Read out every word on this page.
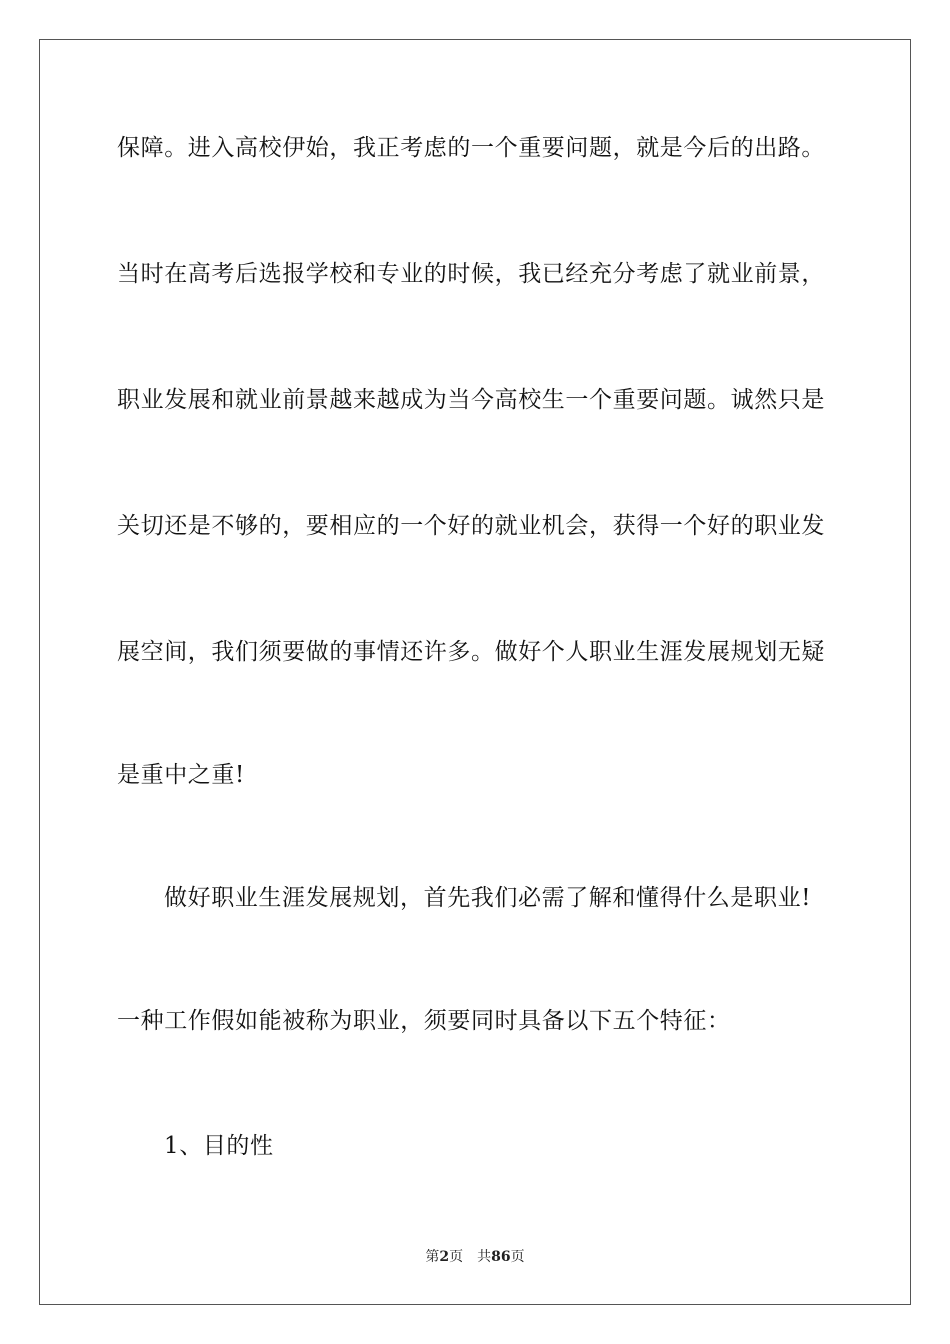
保障。进入高校伊始，我正考虑的一个重要问题，就是今后的出路。
当时在高考后选报学校和专业的时候，我已经充分考虑了就业前景，
职业发展和就业前景越来越成为当今高校生一个重要问题。诚然只是
关切还是不够的，要相应的一个好的就业机会，获得一个好的职业发
展空间，我们须要做的事情还许多。做好个人职业生涯发展规划无疑
是重中之重!
做好职业生涯发展规划，首先我们必需了解和懂得什么是职业!
一种工作假如能被称为职业，须要同时具备以下五个特征：
1、目的性
第2页 共86页
